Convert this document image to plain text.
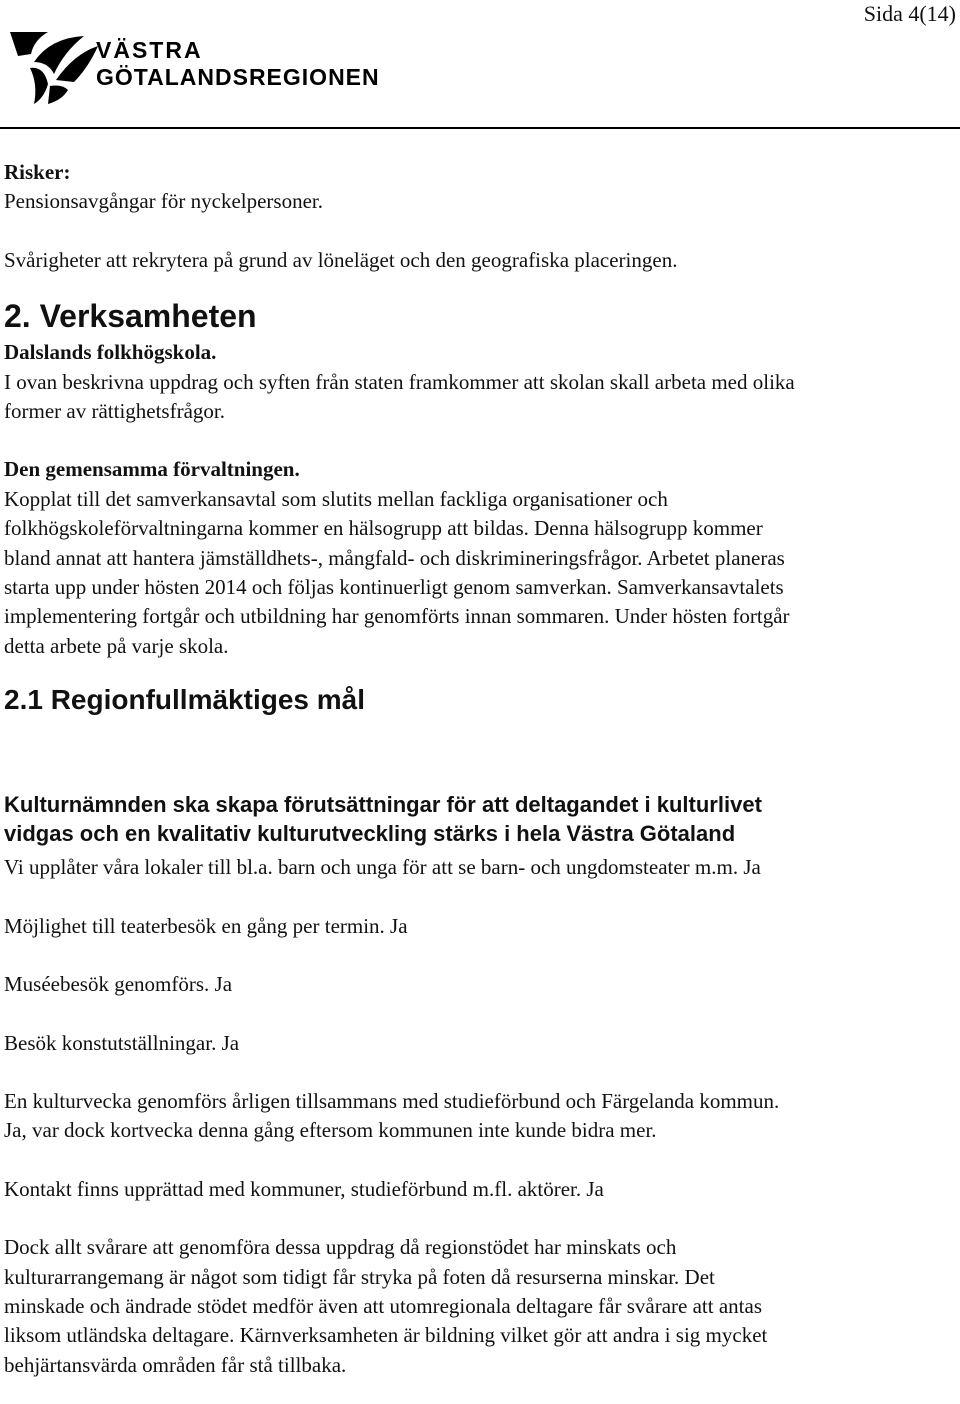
Sida 4(14)
VÄSTRA
GÖTALANDSREGIONEN

Risker:

Pensionsavgångar för nyckelpersoner.

Svårigheter att rekrytera på grund av löneläget och den geografiska placeringen.

2. Verksamheten

Dalslands folkhögskola.

I ovan beskrivna uppdrag och syften från staten framkommer att skolan skall arbeta med olika

former av rättighetsfrågor.

Den gemensamma förvaltningen.

Kopplat till det samverkansavtal som slutits mellan fackliga organisationer och

folkhögskoleförvaltningarna kommer en hälsogrupp att bildas. Denna hälsogrupp kommer

bland annat att hantera jämställdhets-, mångfald- och diskrimineringsfrågor. Arbetet planeras

starta upp under hösten 2014 och följas kontinuerligt genom samverkan. Samverkansavtalets

implementering fortgår och utbildning har genomförts innan sommaren. Under hösten fortgår

detta arbete på varje skola.

2.1 Regionfullmäktiges mål

Kulturnämnden ska skapa förutsättningar för att deltagandet i kulturlivet

vidgas och en kvalitativ kulturutveckling stärks i hela Västra Götaland

Vi upplåter våra lokaler till bl.a. barn och unga för att se barn- och ungdomsteater m.m. Ja

Möjlighet till teaterbesök en gång per termin. Ja

Muséebesök genomförs. Ja

Besök konstutställningar. Ja

En kulturvecka genomförs årligen tillsammans med studieförbund och Färgelanda kommun.

Ja, var dock kortvecka denna gång eftersom kommunen inte kunde bidra mer.

Kontakt finns upprättad med kommuner, studieförbund m.fl. aktörer. Ja

Dock allt svårare att genomföra dessa uppdrag då regionstödet har minskats och

kulturarrangemang är något som tidigt får stryka på foten då resurserna minskar. Det

minskade och ändrade stödet medför även att utomregionala deltagare får svårare att antas

liksom utländska deltagare. Kärnverksamheten är bildning vilket gör att andra i sig mycket

behjärtansvärda områden får stå tillbaka.
